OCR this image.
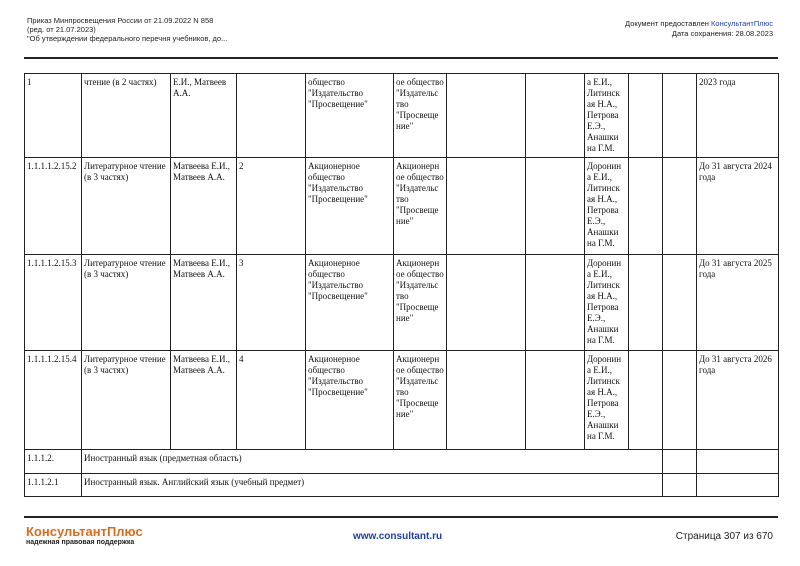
Приказ Минпросвещения России от 21.09.2022 N 858
(ред. от 21.07.2023)
"Об утверждении федерального перечня учебников, до...
Документ предоставлен КонсультантПлюс
Дата сохранения: 28.08.2023
1	чтение (в 2 частях)	Е.И., Матвеев А.А.		общество "Издательство "Просвещение"	ое общество "Издательс тво "Просвеще ние"			а Е.И., Литинск ая Н.А., Петрова Е.Э., Анашки на Г.М.			2023 года
1.1.1.1.2.15.2	Литературное чтение (в 3 частях)	Матвеева Е.И., Матвеев А.А.	2	Акционерное общество "Издательство "Просвещение"	Акционерн ое общество "Издательс тво "Просвеще ние"			Доронин а Е.И., Литинск ая Н.А., Петрова Е.Э., Анашки на Г.М.			До 31 августа 2024 года
1.1.1.1.2.15.3	Литературное чтение (в 3 частях)	Матвеева Е.И., Матвеев А.А.	3	Акционерное общество "Издательство "Просвещение"	Акционерн ое общество "Издательс тво "Просвеще ние"			Доронин а Е.И., Литинск ая Н.А., Петрова Е.Э., Анашки на Г.М.			До 31 августа 2025 года
1.1.1.1.2.15.4	Литературное чтение (в 3 частях)	Матвеева Е.И., Матвеев А.А.	4	Акционерное общество "Издательство "Просвещение"	Акционерн ое общество "Издательс тво "Просвеще ние"			Доронин а Е.И., Литинск ая Н.А., Петрова Е.Э., Анашки на Г.М.			До 31 августа 2026 года
1.1.1.2.	Иностранный язык (предметная область)										
1.1.1.2.1	Иностранный язык. Английский язык (учебный предмет)										
КонсультантПлюс
надежная правовая поддержка
www.consultant.ru	Страница 307 из 670
